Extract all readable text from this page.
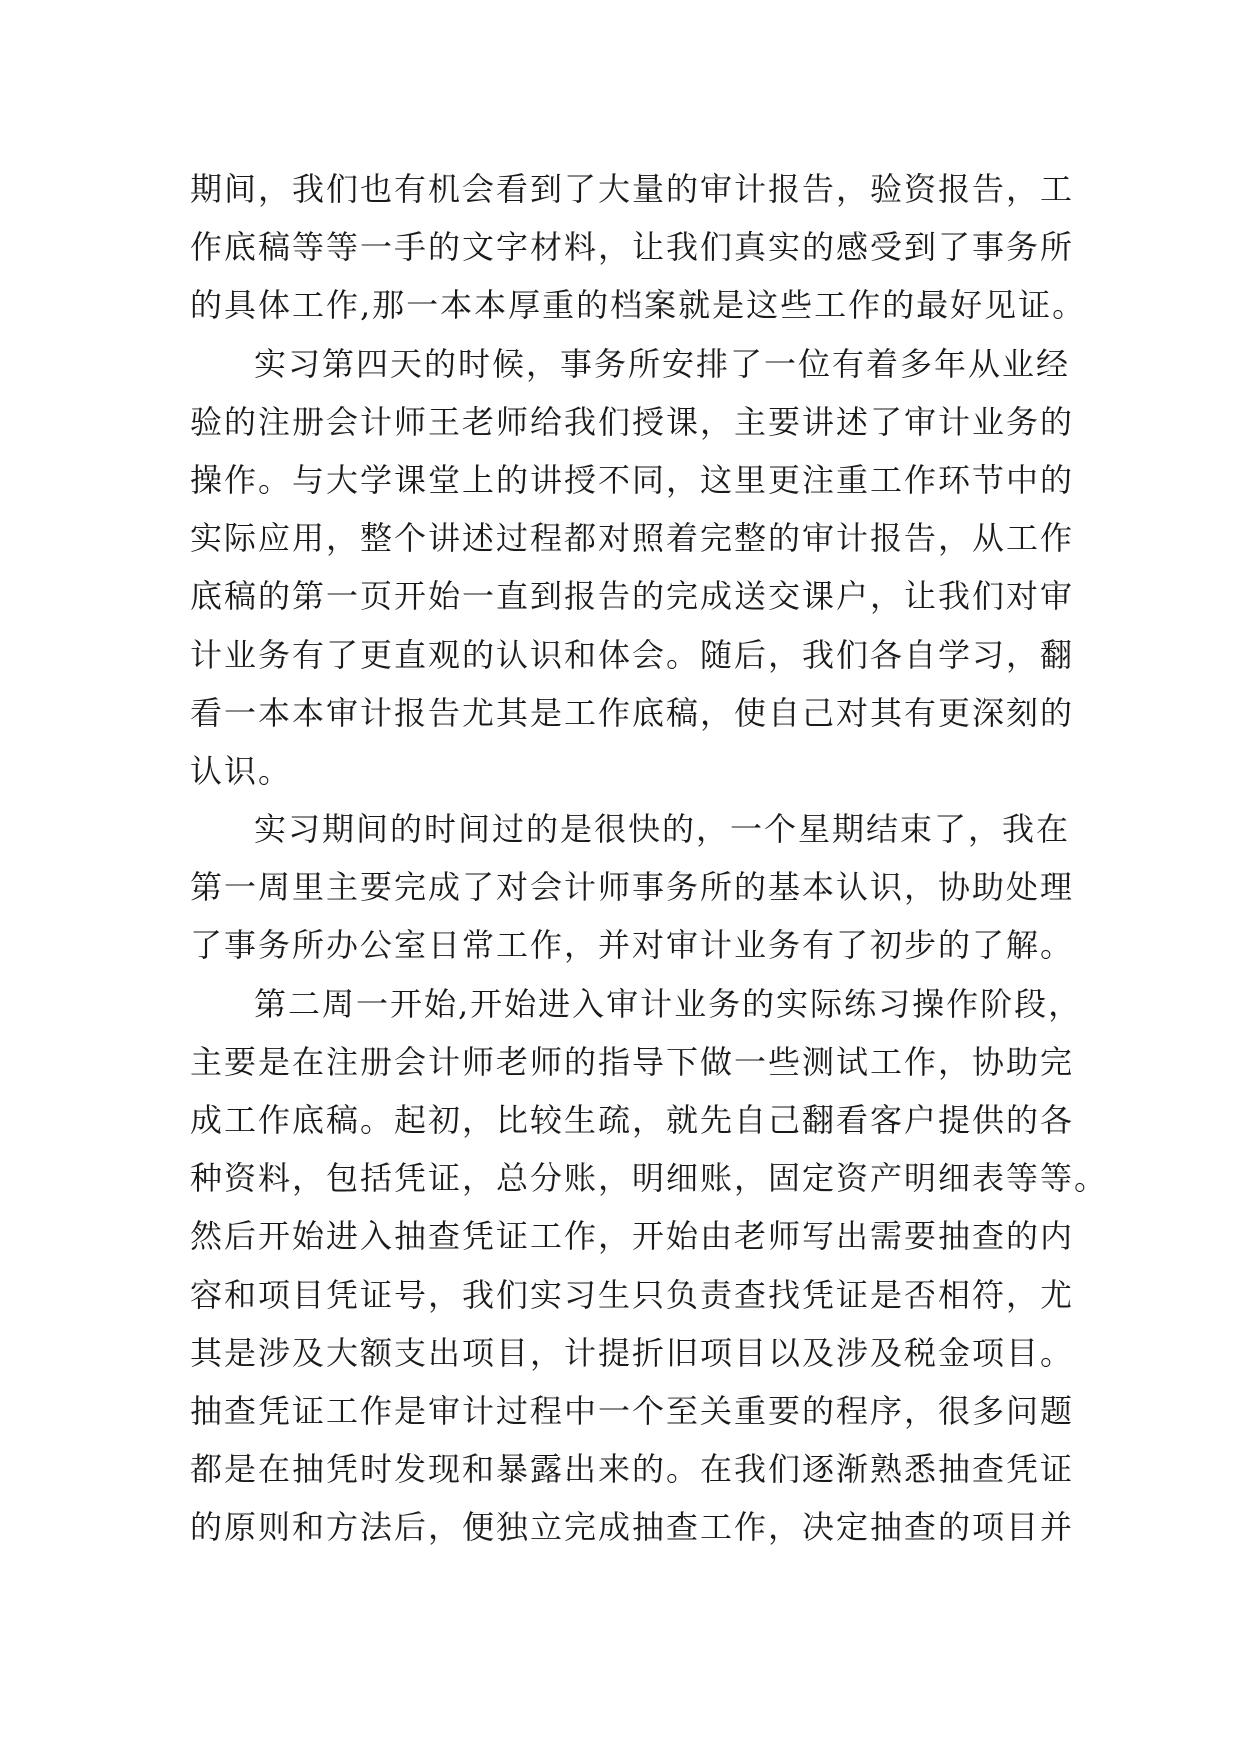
期间，我们也有机会看到了大量的审计报告，验资报告，工
作底稿等等一手的文字材料，让我们真实的感受到了事务所
的具体工作,那一本本厚重的档案就是这些工作的最好见证。
实习第四天的时候，事务所安排了一位有着多年从业经
验的注册会计师王老师给我们授课，主要讲述了审计业务的
操作。与大学课堂上的讲授不同，这里更注重工作环节中的
实际应用，整个讲述过程都对照着完整的审计报告，从工作
底稿的第一页开始一直到报告的完成送交课户，让我们对审
计业务有了更直观的认识和体会。随后，我们各自学习，翻
看一本本审计报告尤其是工作底稿，使自己对其有更深刻的
认识。
实习期间的时间过的是很快的，一个星期结束了，我在
第一周里主要完成了对会计师事务所的基本认识，协助处理
了事务所办公室日常工作，并对审计业务有了初步的了解。
第二周一开始,开始进入审计业务的实际练习操作阶段，
主要是在注册会计师老师的指导下做一些测试工作，协助完
成工作底稿。起初，比较生疏，就先自己翻看客户提供的各
种资料，包括凭证，总分账，明细账，固定资产明细表等等。
然后开始进入抽查凭证工作，开始由老师写出需要抽查的内
容和项目凭证号，我们实习生只负责查找凭证是否相符，尤
其是涉及大额支出项目，计提折旧项目以及涉及税金项目。
抽查凭证工作是审计过程中一个至关重要的程序，很多问题
都是在抽凭时发现和暴露出来的。在我们逐渐熟悉抽查凭证
的原则和方法后，便独立完成抽查工作，决定抽查的项目并
